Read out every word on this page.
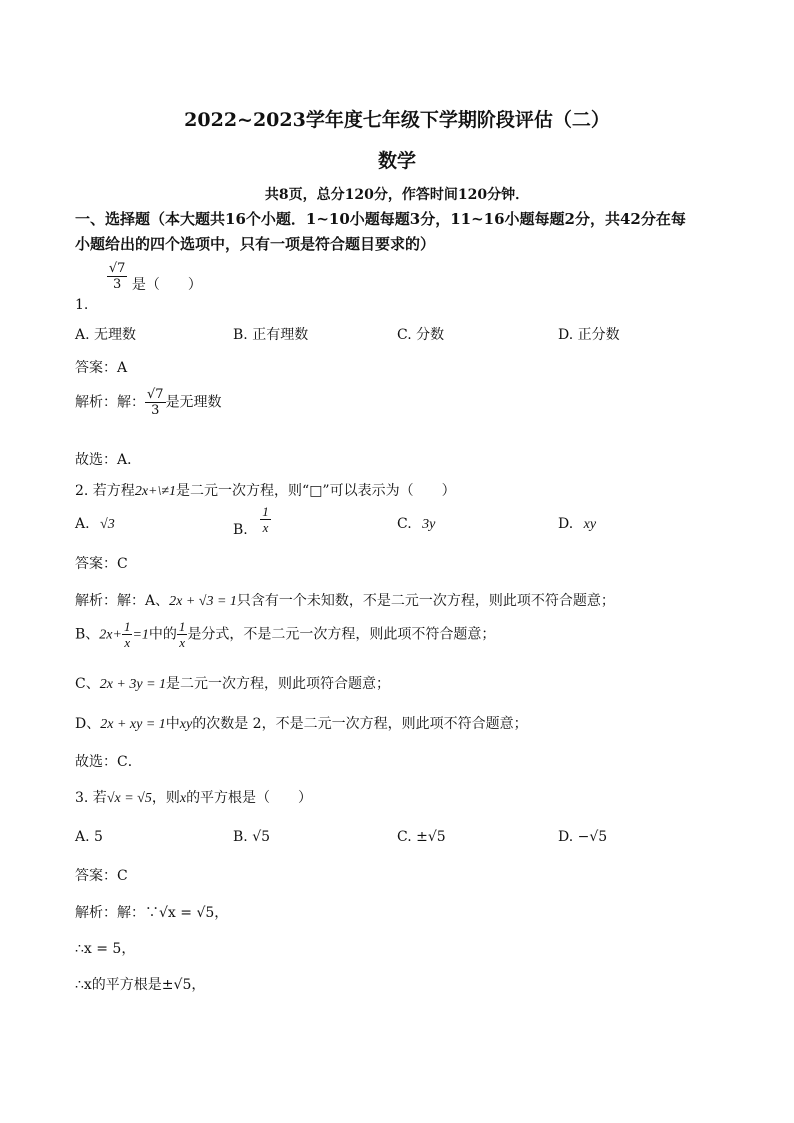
2022~2023学年度七年级下学期阶段评估（二）
数学
共8页，总分120分，作答时间120分钟．
一、选择题（本大题共16个小题．1~10小题每题3分，11~16小题每题2分，共42分在每
小题给出的四个选项中，只有一项是符合题目要求的）
1.
$\frac{√7}{3}$ 是（　　）
A. 无理数	B. 正有理数	C. 分数	D. 正分数
答案：A
解析：解： $\frac{√7}{3}$ 是无理数
故选：A．
2. 若方程2x+\≠1是二元一次方程，则“□”可以表示为（　　）
A. √3	B. $\frac{1}{x}$	C. 3y	D. xy
答案：C
解析：解：A、2x + √3 = 1只含有一个未知数，不是二元一次方程，则此项不符合题意；
B、$2x+ \frac{1}{x} =1$中的 $\frac{1}{x}$ 是分式，不是二元一次方程，则此项不符合题意；
C、2x + 3y = 1是二元一次方程，则此项符合题意；
D、2x + xy = 1中xy的次数是 2，不是二元一次方程，则此项不符合题意；
故选：C．
3. 若√x = √5，则x的平方根是（　　）
A. 5	B. √5	C. ±√5	D. −√5
答案：C
解析：解：∵√x = √5，
∴x = 5，
∴x的平方根是±√5，
